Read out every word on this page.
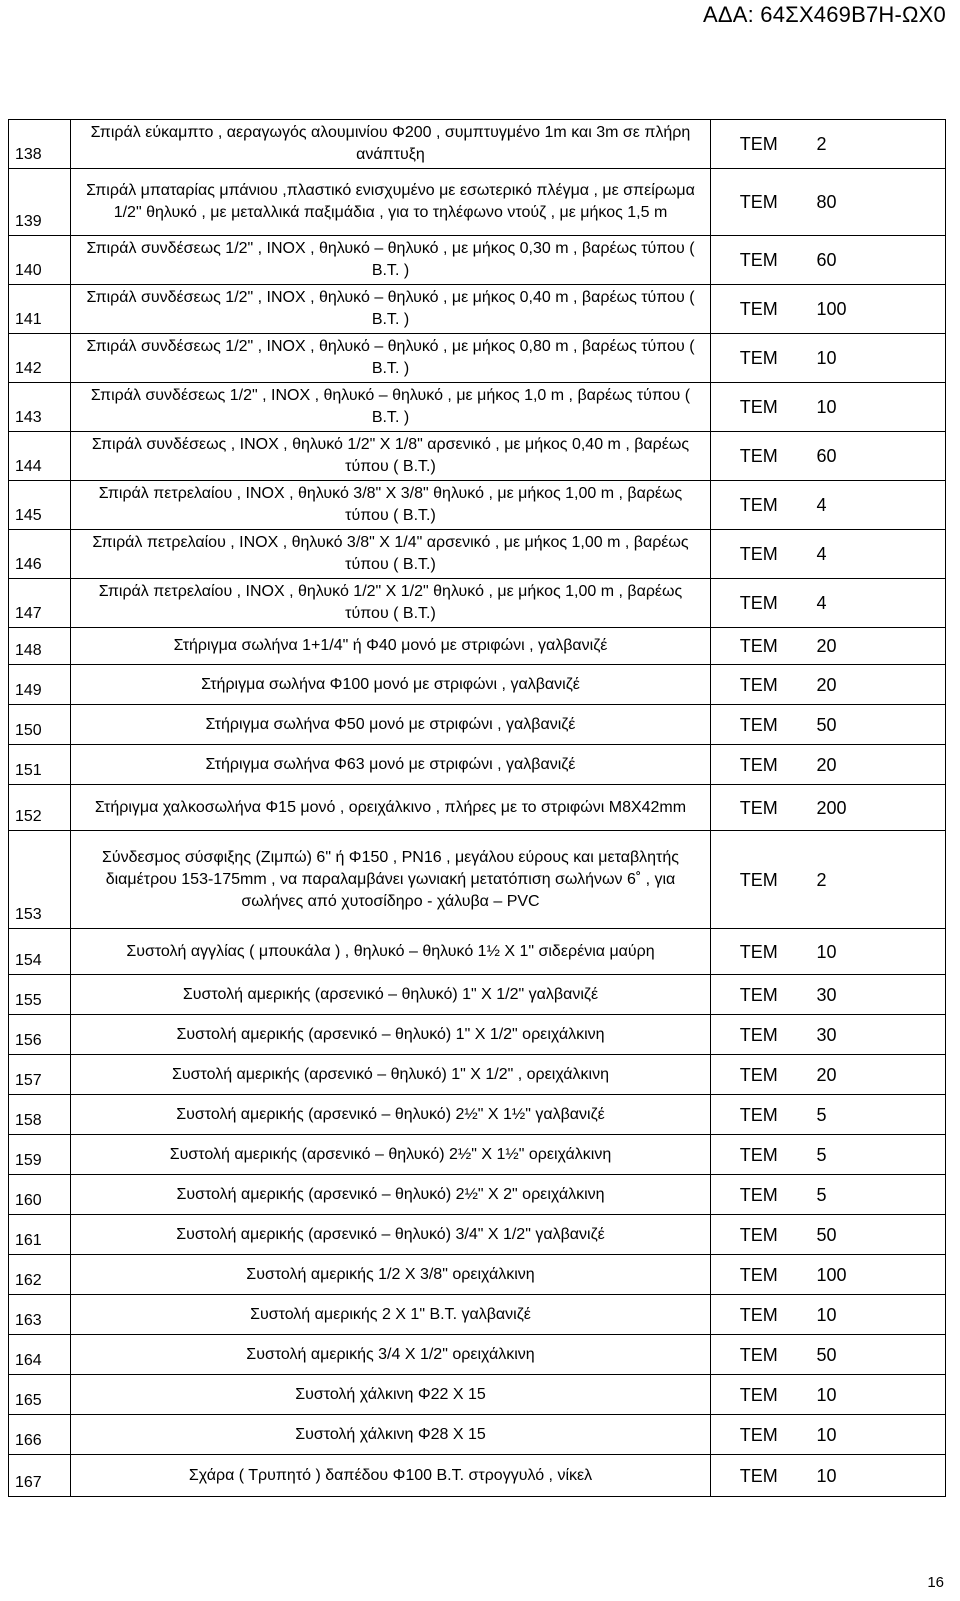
ΑΔΑ: 64ΣΧ469Β7Η-ΩΧ0
138	Σπιράλ εύκαμπτο , αεραγωγός αλουμινίου Φ200 , συμπτυγμένο 1m και 3m σε πλήρη ανάπτυξη	TEM	2
139	Σπιράλ μπαταρίας μπάνιου ,πλαστικό ενισχυμένο με εσωτερικό πλέγμα , με σπείρωμα 1/2" θηλυκό , με μεταλλικά παξιμάδια , για το τηλέφωνο ντούζ , με μήκος 1,5 m	TEM	80
140	Σπιράλ συνδέσεως 1/2" , ΙΝΟΧ , θηλυκό – θηλυκό , με μήκος 0,30 m , βαρέως τύπου ( Β.Τ. )	TEM	60
141	Σπιράλ συνδέσεως 1/2" , ΙΝΟΧ , θηλυκό – θηλυκό , με μήκος 0,40 m , βαρέως τύπου ( Β.Τ. )	TEM	100
142	Σπιράλ συνδέσεως 1/2" , ΙΝΟΧ , θηλυκό – θηλυκό , με μήκος 0,80 m , βαρέως τύπου ( Β.Τ. )	TEM	10
143	Σπιράλ συνδέσεως 1/2" , ΙΝΟΧ , θηλυκό – θηλυκό , με μήκος 1,0 m , βαρέως τύπου ( Β.Τ. )	TEM	10
144	Σπιράλ συνδέσεως , ΙΝΟΧ , θηλυκό 1/2" Χ 1/8" αρσενικό , με μήκος 0,40 m , βαρέως τύπου ( Β.Τ.)	TEM	60
145	Σπιράλ πετρελαίου , ΙΝΟΧ , θηλυκό 3/8" Χ 3/8" θηλυκό , με μήκος 1,00 m , βαρέως τύπου ( Β.Τ.)	TEM	4
146	Σπιράλ πετρελαίου , ΙΝΟΧ , θηλυκό 3/8" Χ 1/4" αρσενικό , με μήκος 1,00 m , βαρέως τύπου ( Β.Τ.)	TEM	4
147	Σπιράλ πετρελαίου , ΙΝΟΧ , θηλυκό 1/2" Χ 1/2" θηλυκό , με μήκος 1,00 m , βαρέως τύπου ( Β.Τ.)	TEM	4
148	Στήριγμα σωλήνα 1+1/4" ή Φ40 μονό με στριφώνι , γαλβανιζέ	TEM	20
149	Στήριγμα σωλήνα Φ100 μονό με στριφώνι , γαλβανιζέ	TEM	20
150	Στήριγμα σωλήνα Φ50 μονό με στριφώνι , γαλβανιζέ	TEM	50
151	Στήριγμα σωλήνα Φ63 μονό με στριφώνι , γαλβανιζέ	TEM	20
152	Στήριγμα χαλκοσωλήνα Φ15 μονό , ορειχάλκινο , πλήρες με το στριφώνι Μ8Χ42mm	TEM	200
153	Σύνδεσμος σύσφιξης (Ζιμπώ) 6" ή Φ150 , ΡΝ16 , μεγάλου εύρους και μεταβλητής διαμέτρου 153-175mm , να παραλαμβάνει γωνιακή μετατόπιση σωλήνων 6˚ , για σωλήνες από χυτοσίδηρο - χάλυβα – PVC	TEM	2
154	Συστολή αγγλίας ( μπουκάλα ) , θηλυκό – θηλυκό 1½ Χ 1" σιδερένια μαύρη	TEM	10
155	Συστολή αμερικής (αρσενικό – θηλυκό) 1" Χ 1/2" γαλβανιζέ	TEM	30
156	Συστολή αμερικής (αρσενικό – θηλυκό) 1" Χ 1/2" ορειχάλκινη	TEM	30
157	Συστολή αμερικής (αρσενικό – θηλυκό) 1" Χ 1/2" , ορειχάλκινη	TEM	20
158	Συστολή αμερικής (αρσενικό – θηλυκό) 2½" Χ 1½" γαλβανιζέ	TEM	5
159	Συστολή αμερικής (αρσενικό – θηλυκό) 2½" Χ 1½" ορειχάλκινη	TEM	5
160	Συστολή αμερικής (αρσενικό – θηλυκό) 2½" Χ 2" ορειχάλκινη	TEM	5
161	Συστολή αμερικής (αρσενικό – θηλυκό) 3/4" Χ 1/2" γαλβανιζέ	TEM	50
162	Συστολή αμερικής 1/2 Χ 3/8" ορειχάλκινη	TEM	100
163	Συστολή αμερικής 2 Χ 1" Β.Τ. γαλβανιζέ	TEM	10
164	Συστολή αμερικής 3/4 Χ 1/2" ορειχάλκινη	TEM	50
165	Συστολή χάλκινη Φ22 Χ 15	TEM	10
166	Συστολή χάλκινη Φ28 Χ 15	TEM	10
167	Σχάρα ( Τρυπητό ) δαπέδου Φ100 Β.Τ. στρογγυλό , νίκελ	TEM	10
16
